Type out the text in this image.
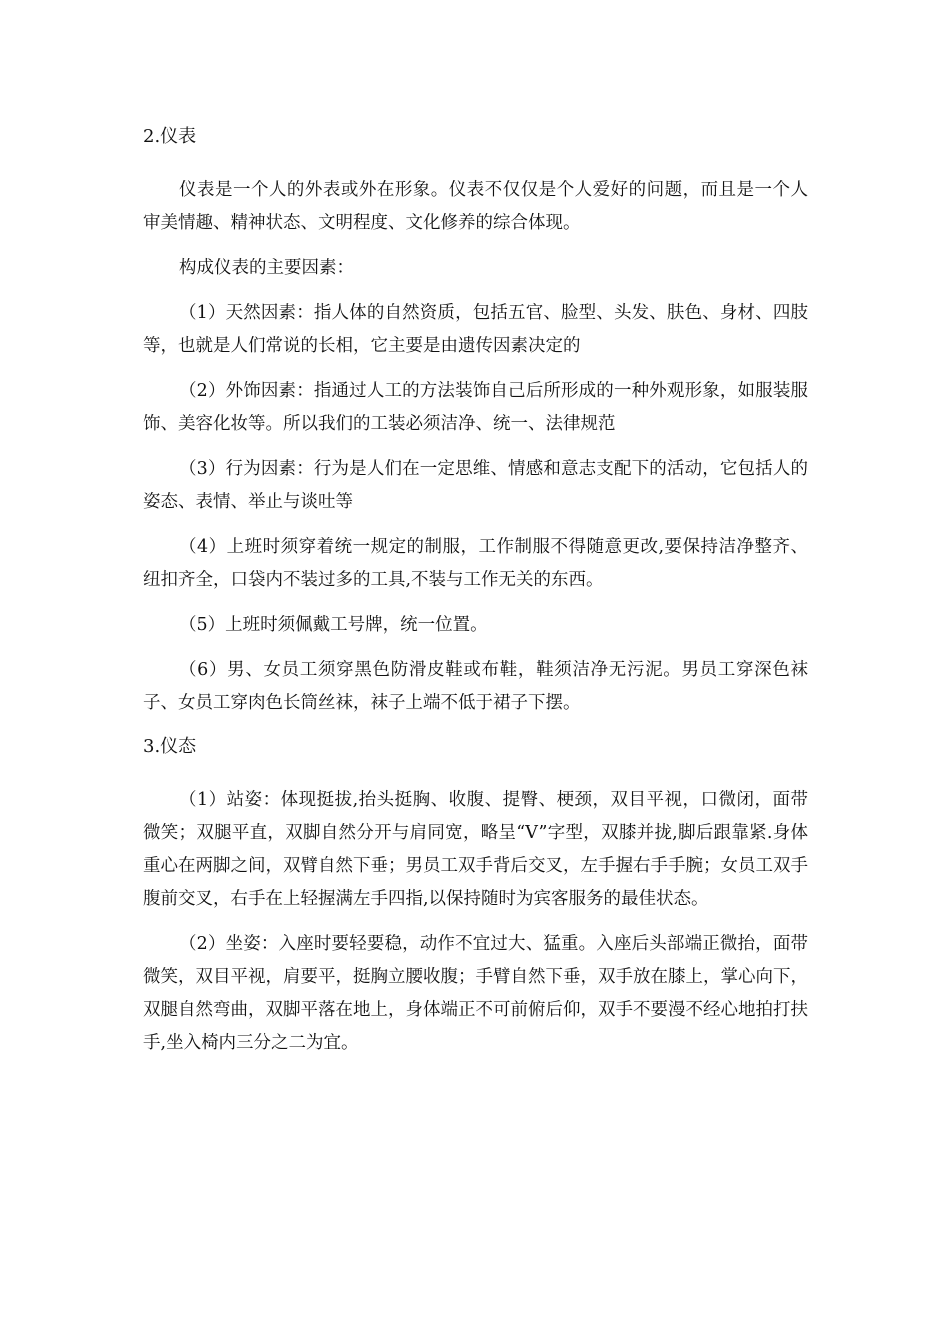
2.仪表

仪表是一个人的外表或外在形象。仪表不仅仅是个人爱好的问题，而且是一个人审美情趣、精神状态、文明程度、文化修养的综合体现。

构成仪表的主要因素：

（1）天然因素：指人体的自然资质，包括五官、脸型、头发、肤色、身材、四肢等，也就是人们常说的长相，它主要是由遗传因素决定的

（2）外饰因素：指通过人工的方法装饰自己后所形成的一种外观形象，如服装服饰、美容化妆等。所以我们的工装必须洁净、统一、法律规范

（3）行为因素：行为是人们在一定思维、情感和意志支配下的活动，它包括人的姿态、表情、举止与谈吐等

（4）上班时须穿着统一规定的制服，工作制服不得随意更改,要保持洁净整齐、纽扣齐全，口袋内不装过多的工具,不装与工作无关的东西。

（5）上班时须佩戴工号牌，统一位置。

（6）男、女员工须穿黑色防滑皮鞋或布鞋，鞋须洁净无污泥。男员工穿深色袜子、女员工穿肉色长筒丝袜，袜子上端不低于裙子下摆。

3.仪态

（1）站姿：体现挺拔,抬头挺胸、收腹、提臀、梗颈，双目平视，口微闭，面带微笑；双腿平直，双脚自然分开与肩同宽，略呈“V”字型，双膝并拢,脚后跟靠紧.身体重心在两脚之间，双臂自然下垂；男员工双手背后交叉，左手握右手手腕；女员工双手腹前交叉，右手在上轻握满左手四指,以保持随时为宾客服务的最佳状态。

（2）坐姿：入座时要轻要稳，动作不宜过大、猛重。入座后头部端正微抬，面带微笑，双目平视，肩要平，挺胸立腰收腹；手臂自然下垂，双手放在膝上，掌心向下，双腿自然弯曲，双脚平落在地上，身体端正不可前俯后仰，双手不要漫不经心地拍打扶手,坐入椅内三分之二为宜。
